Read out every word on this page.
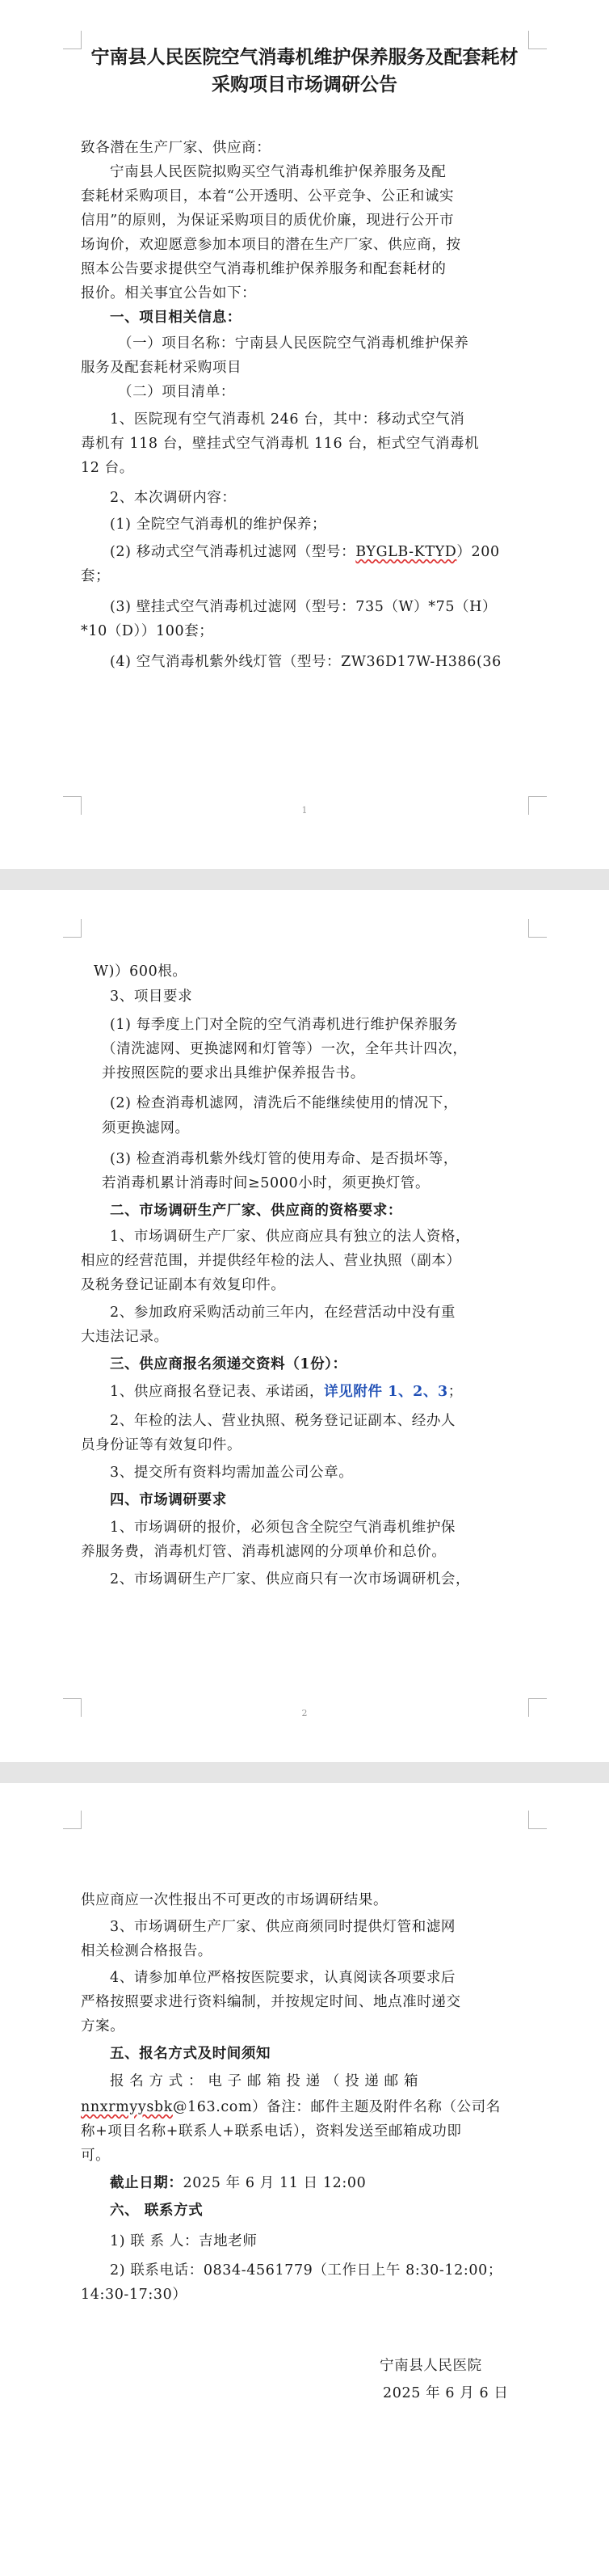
宁南县人民医院空气消毒机维护保养服务及配套耗材
采购项目市场调研公告
致各潜在生产厂家、供应商：
宁南县人民医院拟购买空气消毒机维护保养服务及配
套耗材采购项目，本着“公开透明、公平竞争、公正和诚实
信用”的原则，为保证采购项目的质优价廉，现进行公开市
场询价，欢迎愿意参加本项目的潜在生产厂家、供应商，按
照本公告要求提供空气消毒机维护保养服务和配套耗材的
报价。相关事宜公告如下：
一、项目相关信息：
（一）项目名称：宁南县人民医院空气消毒机维护保养
服务及配套耗材采购项目
（二）项目清单：
1、医院现有空气消毒机 246 台，其中：移动式空气消
毒机有 118 台，壁挂式空气消毒机 116 台，柜式空气消毒机
12 台。
2、本次调研内容：
(1) 全院空气消毒机的维护保养；
(2) 移动式空气消毒机过滤网（型号：BYGLB-KTYD）200
套；
(3) 壁挂式空气消毒机过滤网（型号：735（W）*75（H）
*10（D））100套；
(4) 空气消毒机紫外线灯管（型号：ZW36D17W-H386(36
1
W)）600根。
3、项目要求
(1) 每季度上门对全院的空气消毒机进行维护保养服务
（清洗滤网、更换滤网和灯管等）一次，全年共计四次，
并按照医院的要求出具维护保养报告书。
(2) 检查消毒机滤网，清洗后不能继续使用的情况下，
须更换滤网。
(3) 检查消毒机紫外线灯管的使用寿命、是否损坏等，
若消毒机累计消毒时间≥5000小时，须更换灯管。
二、市场调研生产厂家、供应商的资格要求：
1、市场调研生产厂家、供应商应具有独立的法人资格，
相应的经营范围，并提供经年检的法人、营业执照（副本）
及税务登记证副本有效复印件。
2、参加政府采购活动前三年内，在经营活动中没有重
大违法记录。
三、供应商报名须递交资料（1份）：
1、供应商报名登记表、承诺函，详见附件 1、2、3；
2、年检的法人、营业执照、税务登记证副本、经办人
员身份证等有效复印件。
3、提交所有资料均需加盖公司公章。
四、市场调研要求
1、市场调研的报价，必须包含全院空气消毒机维护保
养服务费，消毒机灯管、消毒机滤网的分项单价和总价。
2、市场调研生产厂家、供应商只有一次市场调研机会，
2
供应商应一次性报出不可更改的市场调研结果。
3、市场调研生产厂家、供应商须同时提供灯管和滤网
相关检测合格报告。
4、请参加单位严格按医院要求，认真阅读各项要求后
严格按照要求进行资料编制，并按规定时间、地点准时递交
方案。
五、报名方式及时间须知
报 名 方 式 ： 电 子 邮 箱 投 递 （ 投 递 邮 箱
nnxrmyysbk@163.com）备注：邮件主题及附件名称（公司名
称+项目名称+联系人+联系电话），资料发送至邮箱成功即
可。
截止日期：2025 年 6 月 11 日 12:00
六、 联系方式
1) 联 系 人：吉地老师
2) 联系电话：0834-4561779（工作日上午 8:30-12:00；
14:30-17:30）
宁南县人民医院
2025 年 6 月 6 日
